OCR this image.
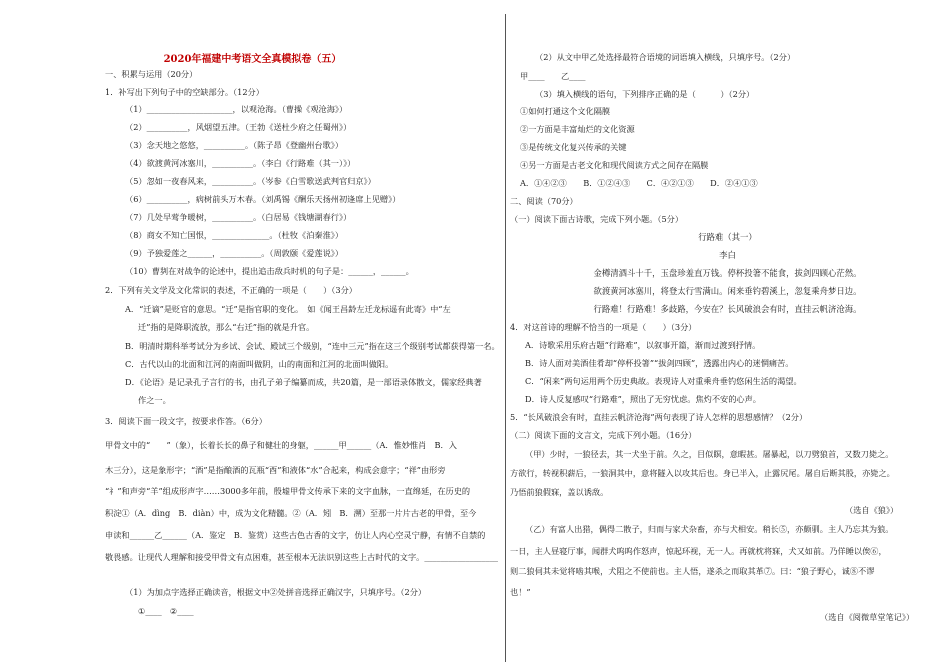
2020年福建中考语文全真模拟卷（五）
一、积累与运用（20分）
1．补写出下列句子中的空缺部分。（12分）
（1）_____________________，以观沧海。（曹操《观沧海》）
（2）__________，风烟望五津。（王勃《送杜少府之任蜀州》）
（3）念天地之悠悠，__________。（陈子昂《登幽州台歌》）
（4）欲渡黄河冰塞川，__________。（李白《行路难（其一）》）
（5）忽如一夜春风来，__________。（岑参《白雪歌送武判官归京》）
（6）__________，病树前头万木春。（刘禹锡《酬乐天扬州初逢席上见赠》）
（7）几处早莺争暖树，__________。（白居易《钱塘湖春行》）
（8）商女不知亡国恨，______________。（杜牧《泊秦淮》）
（9）予独爱莲之______，__________。（周敦颐《爱莲说》）
（10）曹刿在对战争的论述中，提出追击敌兵时机的句子是：______，______。
2．下列有关文学及文化常识的表述，不正确的一项是（　　）（3分）
A．“迁谪”是贬官的意思。“迁”是指官职的变化。　如《闻王昌龄左迁龙标遥有此寄》中“左
迁”指的是降职流放，那么“右迁”指的就是升官。
B．明清时期科举考试分为乡试、会试、殿试三个级别，“连中三元”指在这三个级别考试都获得第一名。
C．古代以山的北面和江河的南面叫做阴，山的南面和江河的北面叫做阳。
D．《论语》是记录孔子言行的书，由孔子弟子编纂而成，共20篇，是一部语录体散文，儒家经典著
作之一。
3．阅读下面一段文字，按要求作答。（6分）
甲骨文中的“　　”（象），长着长长的鼻子和健壮的身躯，______甲______（A．惟妙惟肖　B．入
木三分），这是象形字；“酒”是指酿酒的瓦瓶“酉”和液体“水”合起来，构成会意字；“祥”由形旁
“礻”和声旁“羊”组成形声字……3000多年前，殷墟甲骨文传承下来的文字血脉，一直绵延，在历史的
积淀①（A．dìng　B．diàn）中，成为文化精髓。②（A．矧　B．溯）至那一片片古老的甲骨，至今
申读和______乙______（A．鉴定　B．鉴赏）这些古色古香的文字，仿让人内心空灵宁静，有情不自禁的
敬畏感。让现代人理解和接受甲骨文有点困难，甚至根本无法识别这些上古时代的文字。__________________
（1）为加点字选择正确读音，根据文中②处拼音选择正确汉字，只填序号。（2分）
①____　②____
（2）从文中甲乙处选择最符合语境的词语填入横线，只填序号。（2分）
甲____　　乙____
（3）填入横线的语句，下列排序正确的是（　　　）（2分）
①如何打通这个文化隔膜
②一方面是丰富灿烂的文化资源
③是传统文化复兴传承的关键
④另一方面是古老文化和现代阅读方式之间存在隔膜
A．①④②③　　B．①②④③　　C．④②①③　　D．②④①③
二、阅读（70分）
（一）阅读下面古诗歌，完成下列小题。（5分）
行路难（其一）
李白
金樽清酒斗十千，玉盘珍羞直万钱。停杯投箸不能食，拔剑四顾心茫然。
欲渡黄河冰塞川，将登太行雪满山。闲来垂钓碧溪上，忽复乘舟梦日边。
行路难！行路难！多歧路，今安在？长风破浪会有时，直挂云帆济沧海。
4．对这首诗的理解不恰当的一项是（　　）（3分）
A．诗歌采用乐府古题“行路难”，以叙事开篇，渐而过渡到抒情。
B．诗人面对美酒佳肴却“停杯投箸”“拔剑四顾”，透露出内心的迷惘痛苦。
C．“闲来”两句运用两个历史典故。表现诗人对重乘舟垂钓悠闲生活的渴望。
D．诗人反复感叹“行路难”，照出了无穷忧虑。焦灼不安的心声。
5．“长风破浪会有时，直挂云帆济沧海”两句表现了诗人怎样的思想感情？（2分）
（二）阅读下面的文言文，完成下列小题。（16分）
（甲）少时，一狼径去，其一犬坐于前。久之，目似瞑，意暇甚。屠暴起，以刀劈狼首，又数刀毙之。
方欲行，转视积薪后，一狼洞其中，意将隧入以攻其后也。身已半入，止露尻尾。屠自后断其股，亦毙之。
乃悟前狼假寐，盖以诱敌。
（选自《狼》）
（乙）有富人出猎，偶得二散子，归而与家犬杂畜，亦与犬相安。稍长⑤，亦颇驯。主人乃忘其为狼。
一日，主人昼寝厅事，闻群犬呜呜作怒声，惊起环视，无一人。再就枕将寐，犬又如前。乃佯睡以俟⑥，
则二狼伺其未觉将啮其喉，犬阻之不使前也。主人悟，遂杀之而取其革⑦。曰：“狼子野心，诚⑧不谬
也！”
（选自《阅微草堂笔记》）
